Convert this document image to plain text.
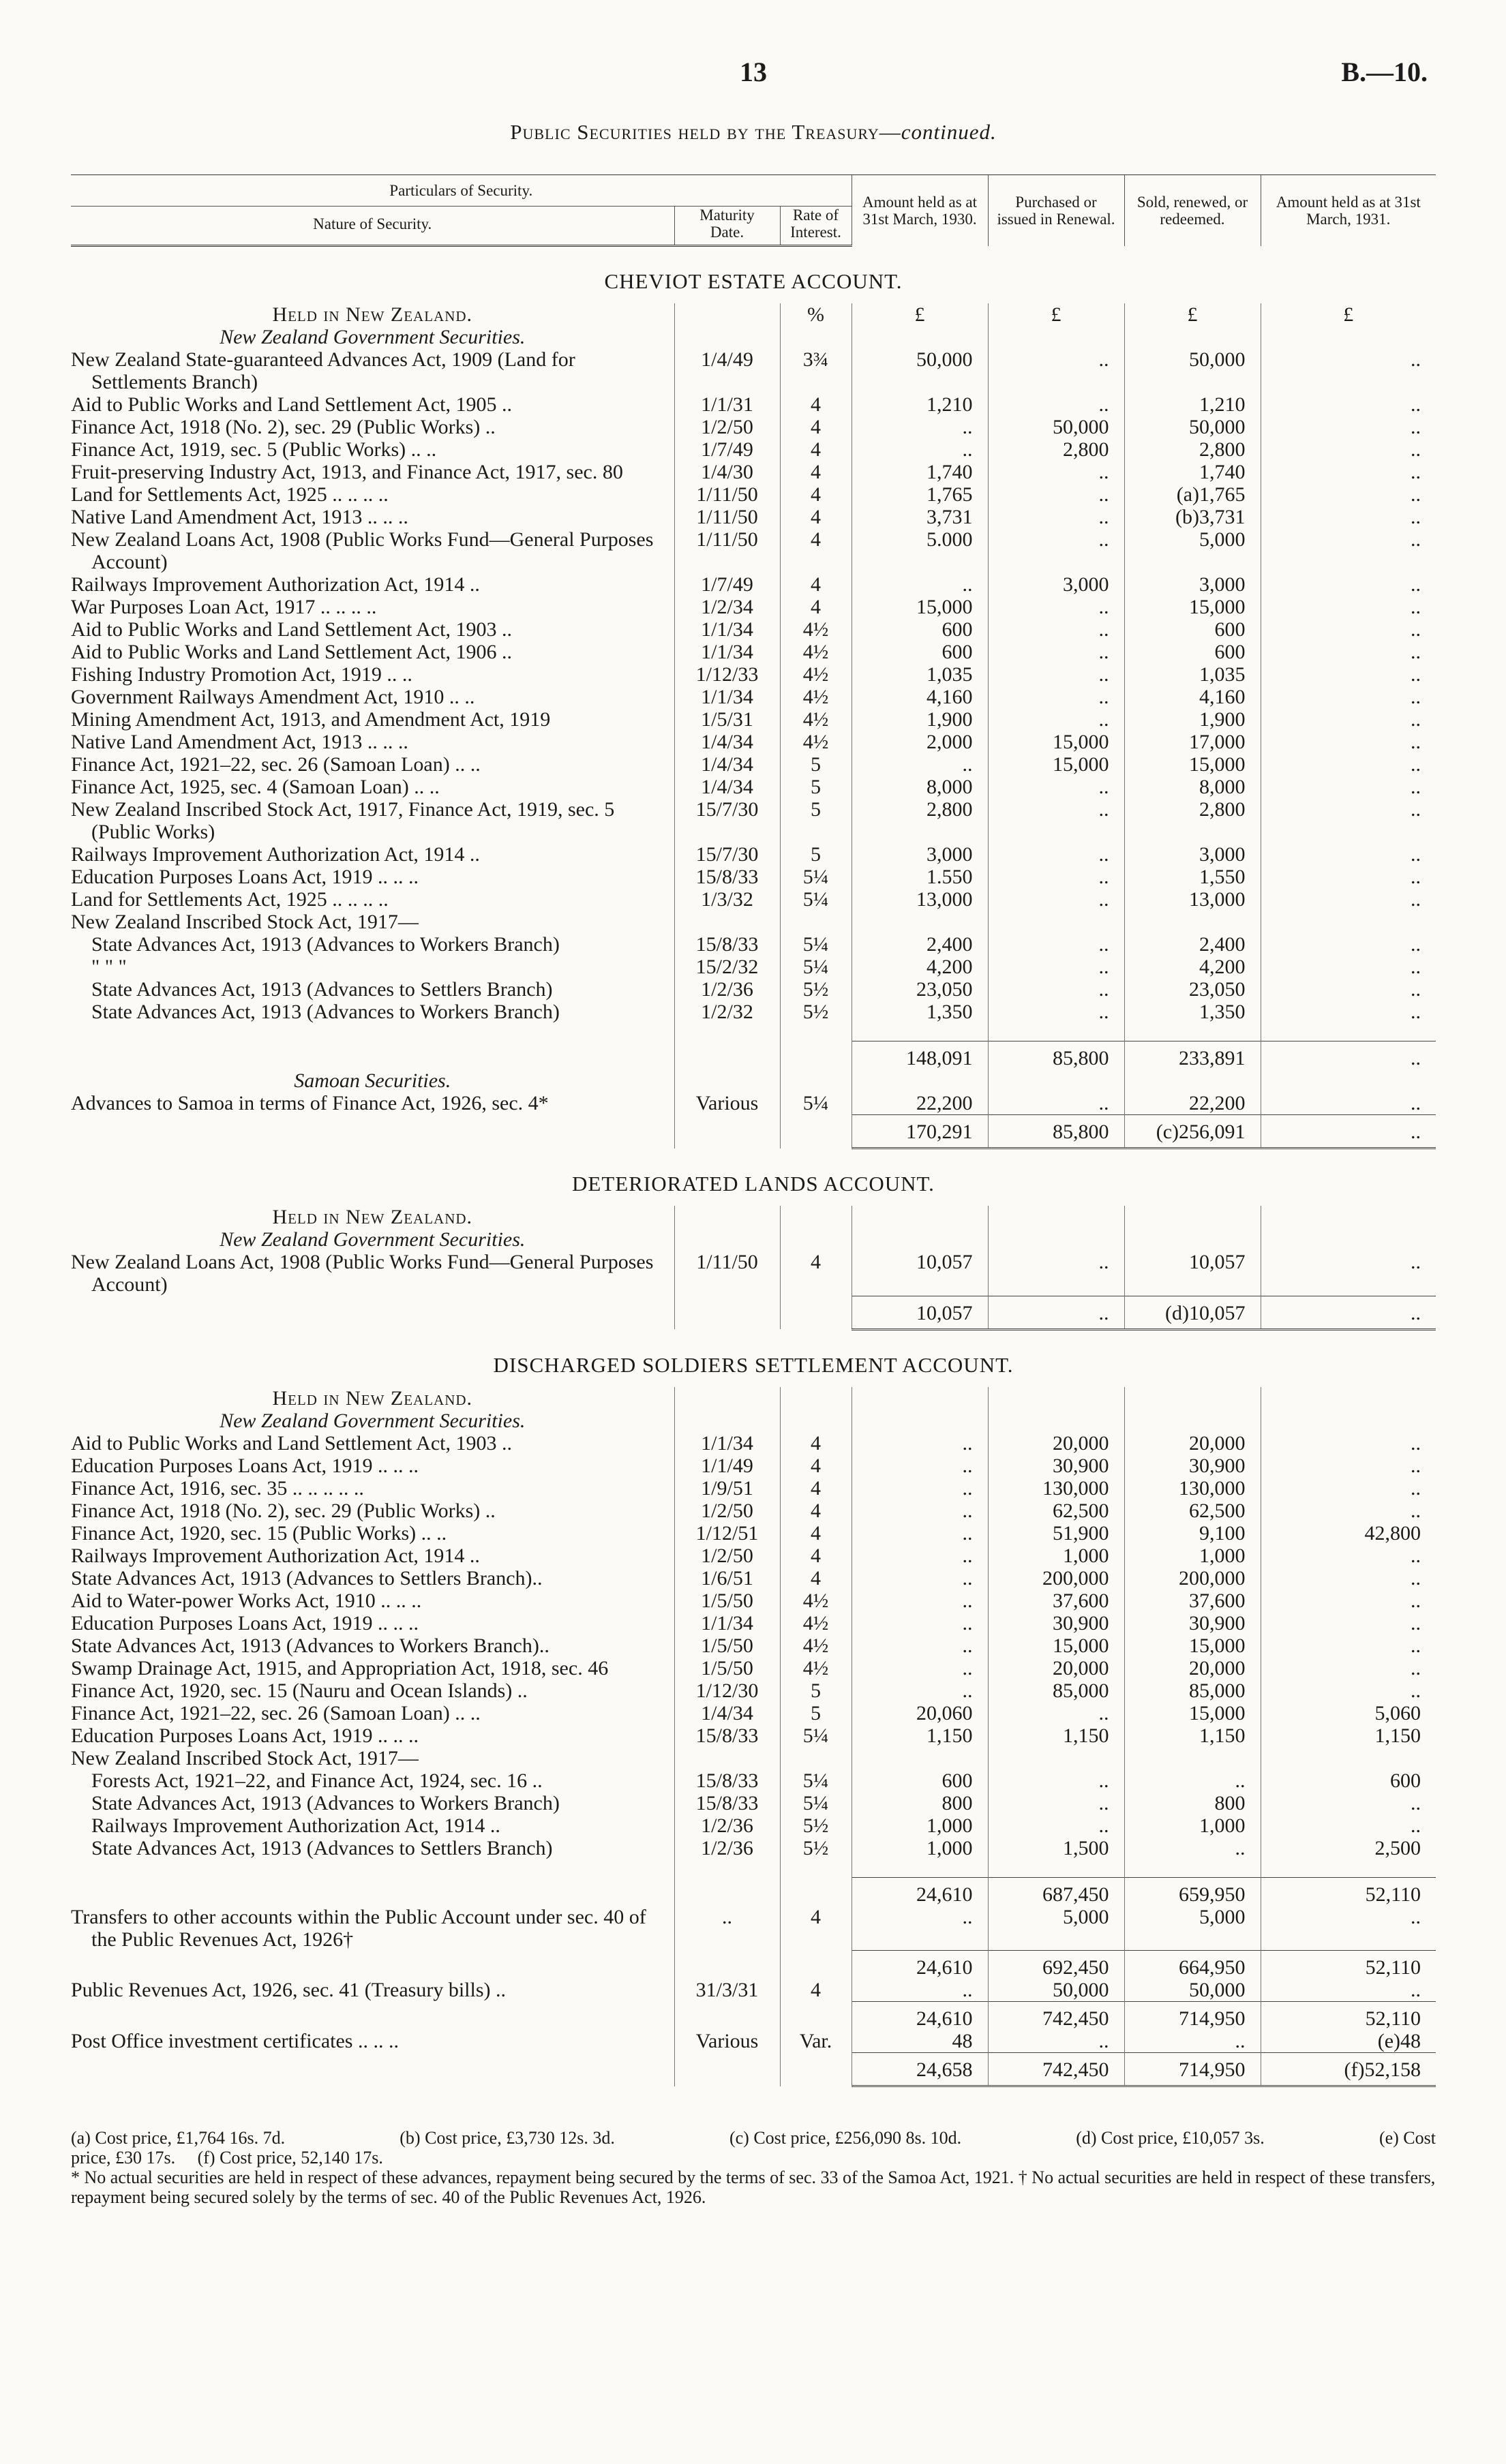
13	B.—10.
Public Securities held by the Treasury—continued.
Particulars of Security.			Amount held as at 31st March, 1930.	Purchased or issued in Renewal.	Sold, renewed, or redeemed.	Amount held as at 31st March, 1931.
Nature of Security.	Maturity Date.	Rate of Interest.				
CHEVIOT ESTATE ACCOUNT.						
Held in New Zealand.		%	£	£	£	£
New Zealand Government Securities.						
New Zealand State-guaranteed Advances Act, 1909 (Land for Settlements Branch)	1/4/49	3¾	50,000	..	50,000	..
Aid to Public Works and Land Settlement Act, 1905 ..	1/1/31	4	1,210	..	1,210	..
Finance Act, 1918 (No. 2), sec. 29 (Public Works) ..	1/2/50	4	..	50,000	50,000	..
Finance Act, 1919, sec. 5 (Public Works) .. ..	1/7/49	4	..	2,800	2,800	..
Fruit-preserving Industry Act, 1913, and Finance Act, 1917, sec. 80	1/4/30	4	1,740	..	1,740	..
Land for Settlements Act, 1925 .. .. .. ..	1/11/50	4	1,765	..	(a)1,765	..
Native Land Amendment Act, 1913 .. .. ..	1/11/50	4	3,731	..	(b)3,731	..
New Zealand Loans Act, 1908 (Public Works Fund—General Purposes Account)	1/11/50	4	5.000	..	5,000	..
Railways Improvement Authorization Act, 1914 ..	1/7/49	4	..	3,000	3,000	..
War Purposes Loan Act, 1917 .. .. .. ..	1/2/34	4	15,000	..	15,000	..
Aid to Public Works and Land Settlement Act, 1903 ..	1/1/34	4½	600	..	600	..
Aid to Public Works and Land Settlement Act, 1906 ..	1/1/34	4½	600	..	600	..
Fishing Industry Promotion Act, 1919 .. ..	1/12/33	4½	1,035	..	1,035	..
Government Railways Amendment Act, 1910 .. ..	1/1/34	4½	4,160	..	4,160	..
Mining Amendment Act, 1913, and Amendment Act, 1919	1/5/31	4½	1,900	..	1,900	..
Native Land Amendment Act, 1913 .. .. ..	1/4/34	4½	2,000	15,000	17,000	..
Finance Act, 1921–22, sec. 26 (Samoan Loan) .. ..	1/4/34	5	..	15,000	15,000	..
Finance Act, 1925, sec. 4 (Samoan Loan) .. ..	1/4/34	5	8,000	..	8,000	..
New Zealand Inscribed Stock Act, 1917, Finance Act, 1919, sec. 5 (Public Works)	15/7/30	5	2,800	..	2,800	..
Railways Improvement Authorization Act, 1914 ..	15/7/30	5	3,000	..	3,000	..
Education Purposes Loans Act, 1919 .. .. ..	15/8/33	5¼	1.550	..	1,550	..
Land for Settlements Act, 1925 .. .. .. ..	1/3/32	5¼	13,000	..	13,000	..
New Zealand Inscribed Stock Act, 1917—						
State Advances Act, 1913 (Advances to Workers Branch)	15/8/33	5¼	2,400	..	2,400	..
" " "	15/2/32	5¼	4,200	..	4,200	..
State Advances Act, 1913 (Advances to Settlers Branch)	1/2/36	5½	23,050	..	23,050	..
State Advances Act, 1913 (Advances to Workers Branch)	1/2/32	5½	1,350	..	1,350	..

			148,091	85,800	233,891	..
Samoan Securities.						
Advances to Samoa in terms of Finance Act, 1926, sec. 4*	Various	5¼	22,200	..	22,200	..
			170,291	85,800	(c)256,091	..
DETERIORATED LANDS ACCOUNT.						
Held in New Zealand.						
New Zealand Government Securities.						
New Zealand Loans Act, 1908 (Public Works Fund—General Purposes Account)	1/11/50	4	10,057	..	10,057	..
			10,057	..	(d)10,057	..
DISCHARGED SOLDIERS SETTLEMENT ACCOUNT.						
Held in New Zealand.						
New Zealand Government Securities.						
Aid to Public Works and Land Settlement Act, 1903 ..	1/1/34	4	..	20,000	20,000	..
Education Purposes Loans Act, 1919 .. .. ..	1/1/49	4	..	30,900	30,900	..
Finance Act, 1916, sec. 35 .. .. .. .. ..	1/9/51	4	..	130,000	130,000	..
Finance Act, 1918 (No. 2), sec. 29 (Public Works) ..	1/2/50	4	..	62,500	62,500	..
Finance Act, 1920, sec. 15 (Public Works) .. ..	1/12/51	4	..	51,900	9,100	42,800
Railways Improvement Authorization Act, 1914 ..	1/2/50	4	..	1,000	1,000	..
State Advances Act, 1913 (Advances to Settlers Branch)..	1/6/51	4	..	200,000	200,000	..
Aid to Water-power Works Act, 1910 .. .. ..	1/5/50	4½	..	37,600	37,600	..
Education Purposes Loans Act, 1919 .. .. ..	1/1/34	4½	..	30,900	30,900	..
State Advances Act, 1913 (Advances to Workers Branch)..	1/5/50	4½	..	15,000	15,000	..
Swamp Drainage Act, 1915, and Appropriation Act, 1918, sec. 46	1/5/50	4½	..	20,000	20,000	..
Finance Act, 1920, sec. 15 (Nauru and Ocean Islands) ..	1/12/30	5	..	85,000	85,000	..
Finance Act, 1921–22, sec. 26 (Samoan Loan) .. ..	1/4/34	5	20,060	..	15,000	5,060
Education Purposes Loans Act, 1919 .. .. ..	15/8/33	5¼	1,150	1,150	1,150	1,150
New Zealand Inscribed Stock Act, 1917—						
Forests Act, 1921–22, and Finance Act, 1924, sec. 16 ..	15/8/33	5¼	600	..	..	600
State Advances Act, 1913 (Advances to Workers Branch)	15/8/33	5¼	800	..	800	..
Railways Improvement Authorization Act, 1914 ..	1/2/36	5½	1,000	..	1,000	..
State Advances Act, 1913 (Advances to Settlers Branch)	1/2/36	5½	1,000	1,500	..	2,500

			24,610	687,450	659,950	52,110
Transfers to other accounts within the Public Account under sec. 40 of the Public Revenues Act, 1926†	..	4	..	5,000	5,000	..
			24,610	692,450	664,950	52,110
Public Revenues Act, 1926, sec. 41 (Treasury bills) ..	31/3/31	4	..	50,000	50,000	..
			24,610	742,450	714,950	52,110
Post Office investment certificates .. .. ..	Various	Var.	48	..	..	(e)48
			24,658	742,450	714,950	(f)52,158
(a) Cost price, £1,764 16s. 7d.	(b) Cost price, £3,730 12s. 3d.	(c) Cost price, £256,090 8s. 10d.	(d) Cost price, £10,057 3s.	(e) Cost
price, £30 17s. (f) Cost price, 52,140 17s.
* No actual securities are held in respect of these advances, repayment being secured by the terms of sec. 33 of the Samoa Act, 1921. † No actual securities are held in respect of these transfers, repayment being secured solely by the terms of sec. 40 of the Public Revenues Act, 1926.
